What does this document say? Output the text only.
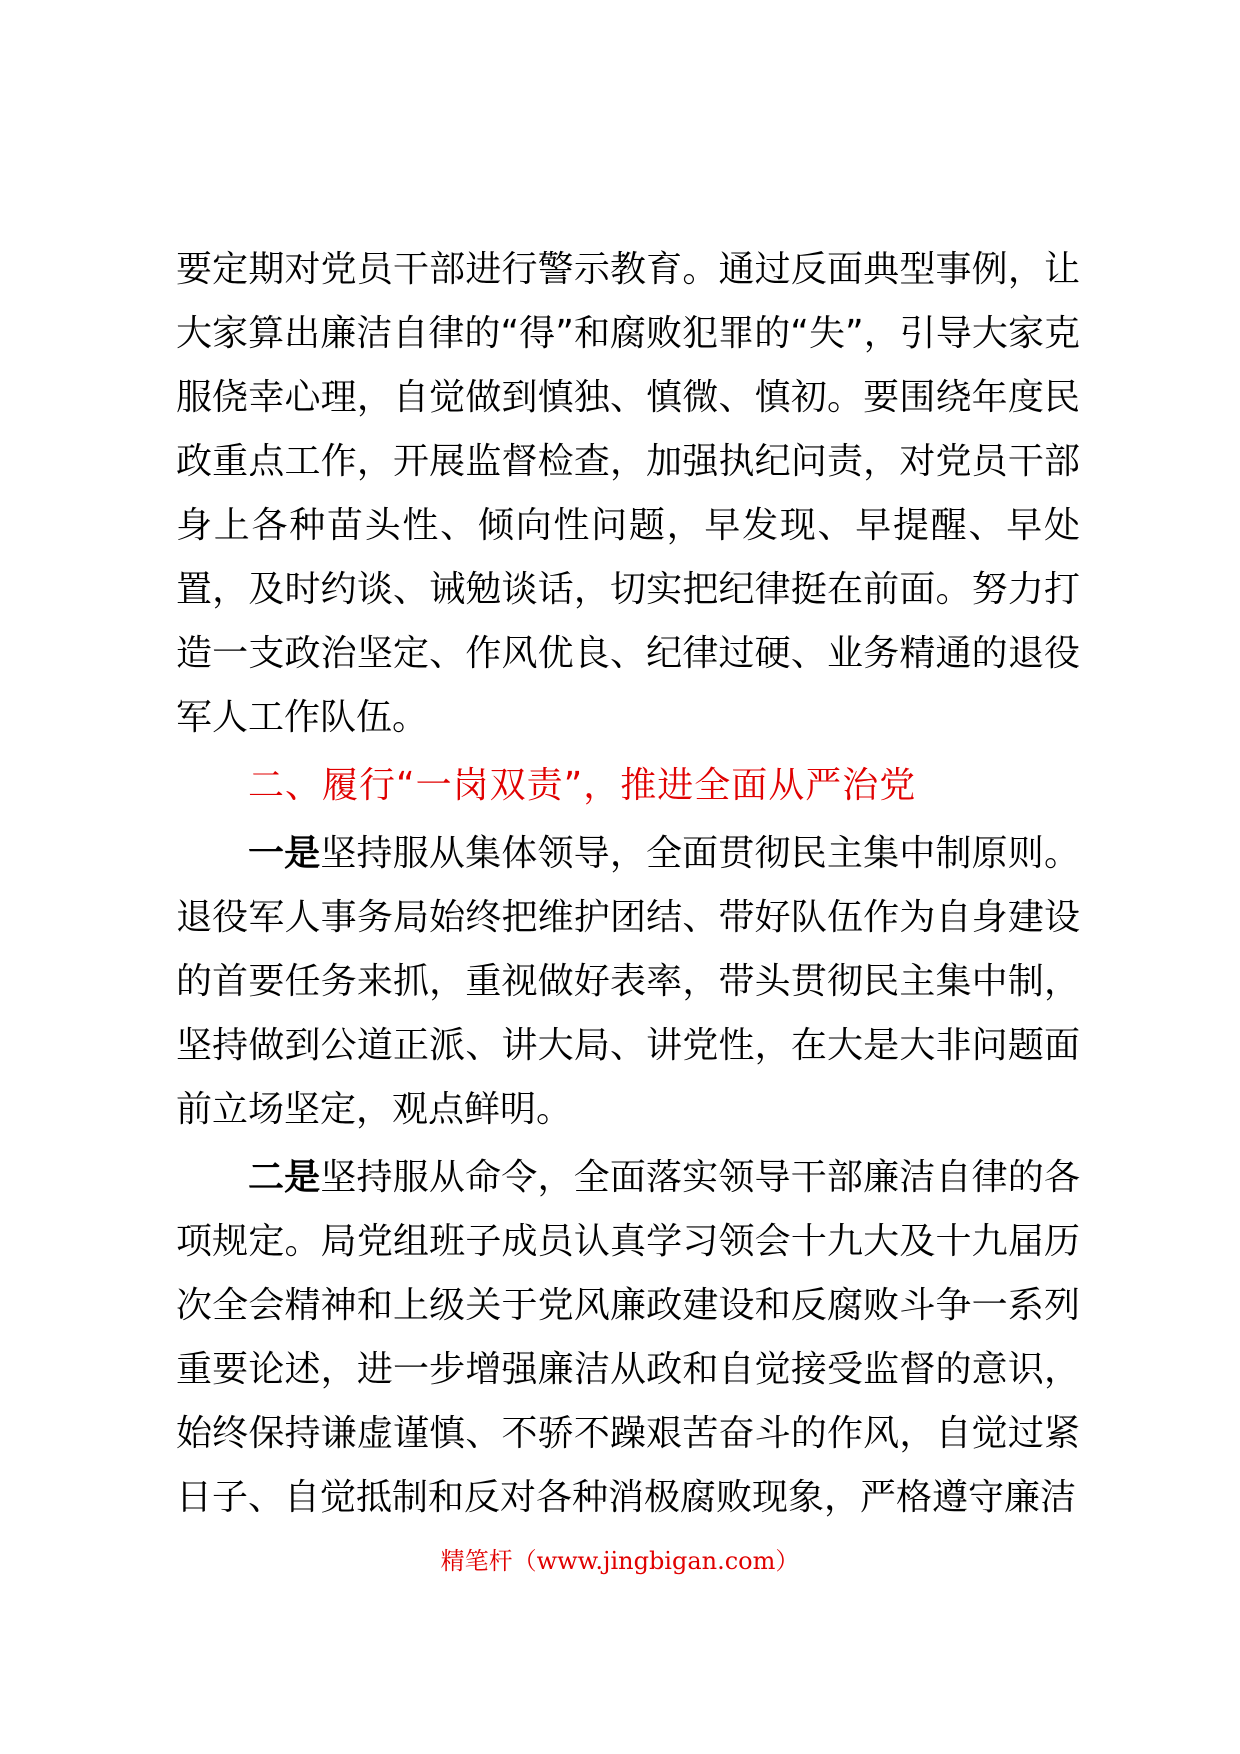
要定期对党员干部进行警示教育。通过反面典型事例，让大家算出廉洁自律的“得”和腐败犯罪的“失”，引导大家克服侥幸心理，自觉做到慎独、慎微、慎初。要围绕年度民政重点工作，开展监督检查，加强执纪问责，对党员干部身上各种苗头性、倾向性问题，早发现、早提醒、早处置，及时约谈、诫勉谈话，切实把纪律挺在前面。努力打造一支政治坚定、作风优良、纪律过硬、业务精通的退役军人工作队伍。

二、履行“一岗双责”，推进全面从严治党

一是坚持服从集体领导，全面贯彻民主集中制原则。退役军人事务局始终把维护团结、带好队伍作为自身建设的首要任务来抓，重视做好表率，带头贯彻民主集中制，坚持做到公道正派、讲大局、讲党性，在大是大非问题面前立场坚定，观点鲜明。

二是坚持服从命令，全面落实领导干部廉洁自律的各项规定。局党组班子成员认真学习领会十九大及十九届历次全会精神和上级关于党风廉政建设和反腐败斗争一系列重要论述，进一步增强廉洁从政和自觉接受监督的意识，始终保持谦虚谨慎、不骄不躁艰苦奋斗的作风，自觉过紧日子、自觉抵制和反对各种消极腐败现象，严格遵守廉洁

精笔杆（www.jingbigan.com）
